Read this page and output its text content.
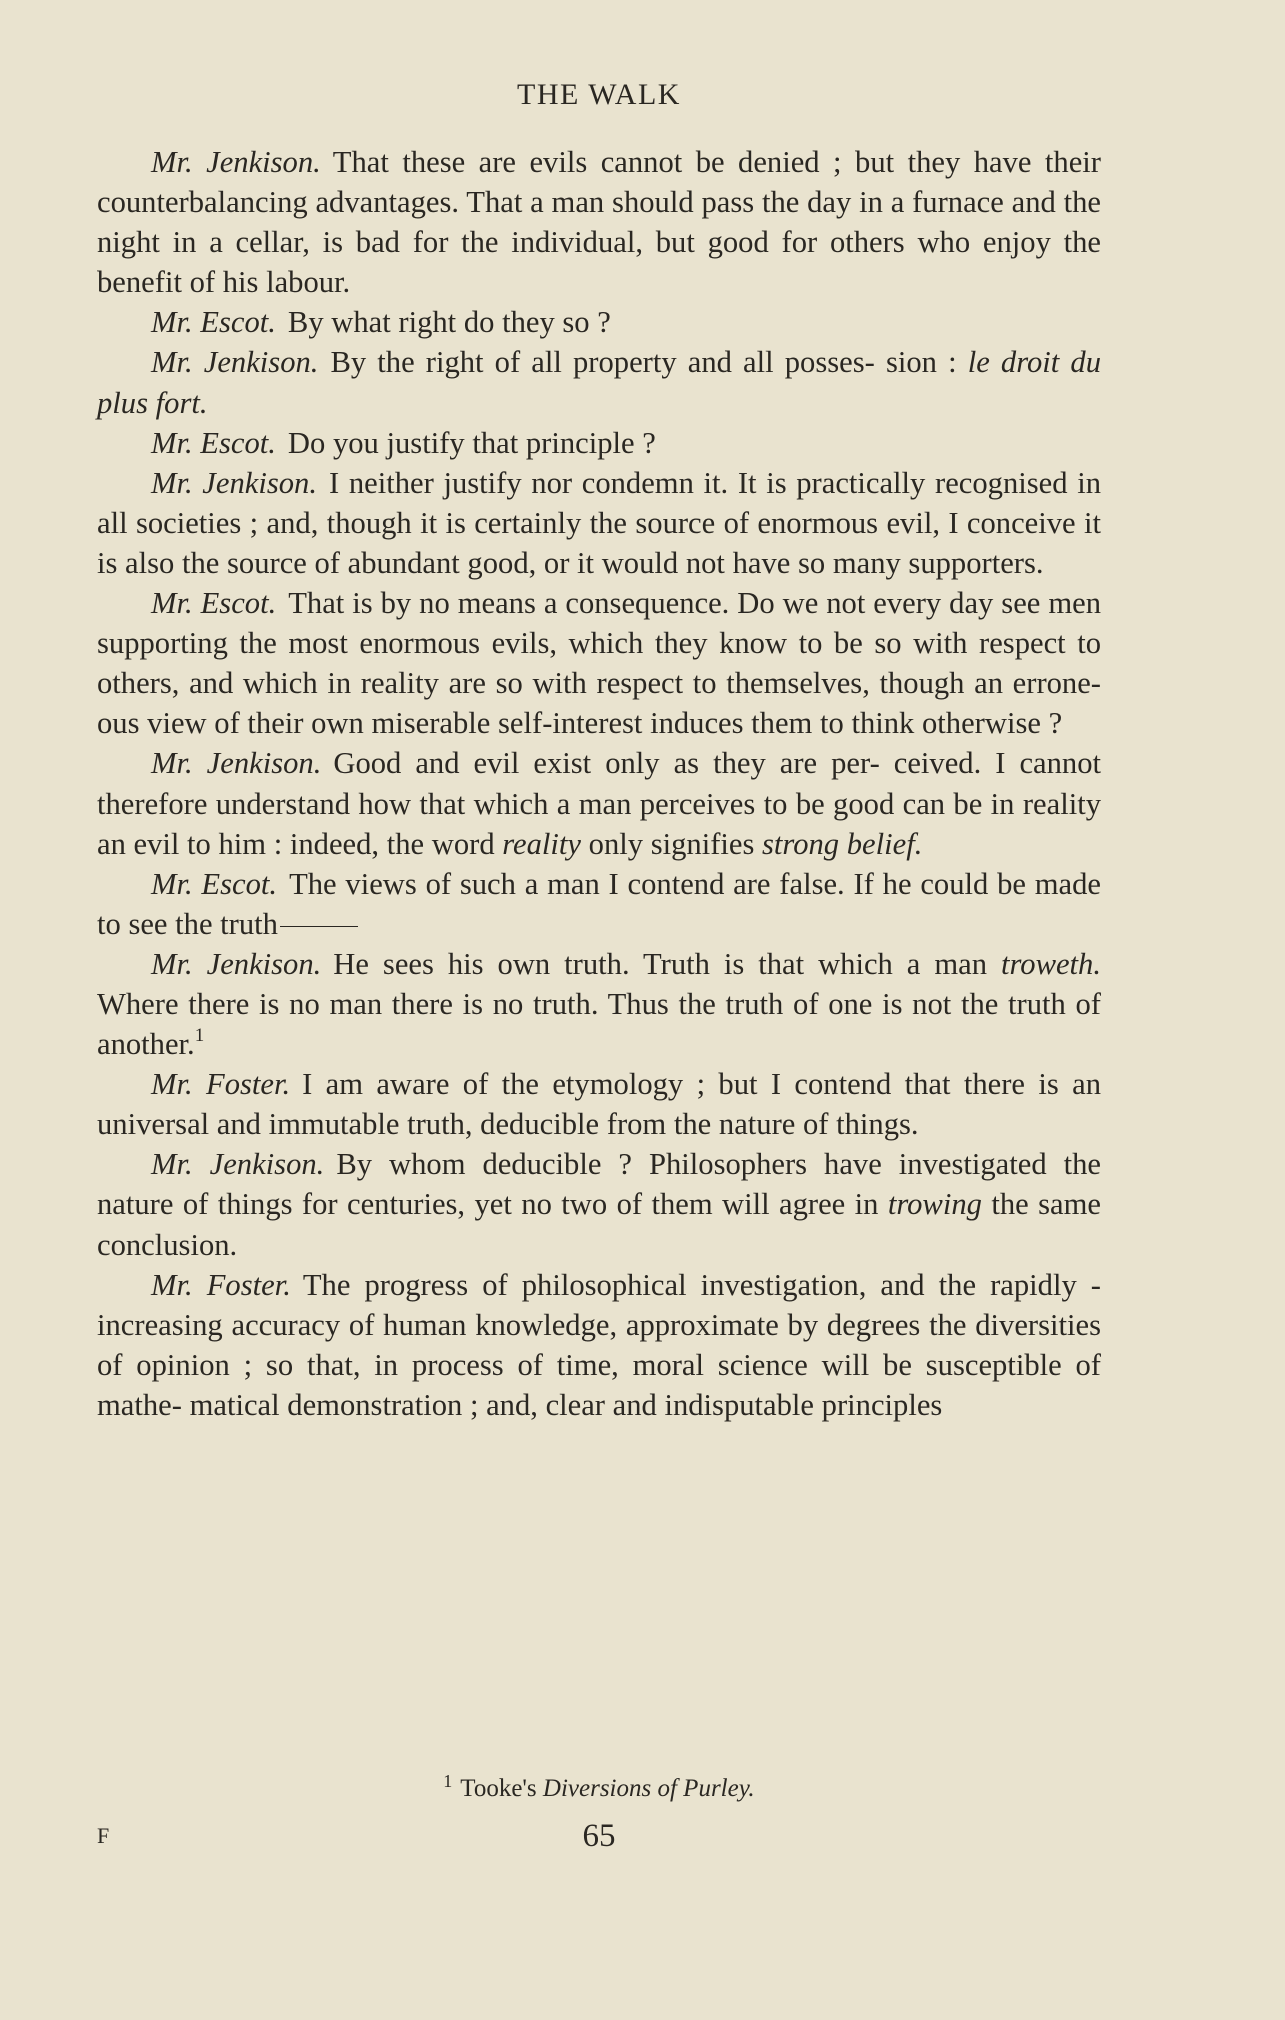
THE WALK

Mr. Jenkison. That these are evils cannot be denied ; but they have their counterbalancing advantages. That a man should pass the day in a furnace and the night in a cellar, is bad for the individual, but good for others who enjoy the benefit of his labour.

Mr. Escot. By what right do they so ?

Mr. Jenkison. By the right of all property and all posses- sion : le droit du plus fort.

Mr. Escot. Do you justify that principle ?

Mr. Jenkison. I neither justify nor condemn it. It is practically recognised in all societies ; and, though it is certainly the source of enormous evil, I conceive it is also the source of abundant good, or it would not have so many supporters.

Mr. Escot. That is by no means a consequence. Do we not every day see men supporting the most enormous evils, which they know to be so with respect to others, and which in reality are so with respect to themselves, though an errone- ous view of their own miserable self-interest induces them to think otherwise ?

Mr. Jenkison. Good and evil exist only as they are per- ceived. I cannot therefore understand how that which a man perceives to be good can be in reality an evil to him : indeed, the word reality only signifies strong belief.

Mr. Escot. The views of such a man I contend are false. If he could be made to see the truth

Mr. Jenkison. He sees his own truth. Truth is that which a man troweth. Where there is no man there is no truth. Thus the truth of one is not the truth of another.$^1$

Mr. Foster. I am aware of the etymology ; but I contend that there is an universal and immutable truth, deducible from the nature of things.

Mr. Jenkison. By whom deducible ? Philosophers have investigated the nature of things for centuries, yet no two of them will agree in trowing the same conclusion.

Mr. Foster. The progress of philosophical investigation, and the rapidly - increasing accuracy of human knowledge, approximate by degrees the diversities of opinion ; so that, in process of time, moral science will be susceptible of mathe- matical demonstration ; and, clear and indisputable principles

$^1$ Tooke's Diversions of Purley.
F	65
